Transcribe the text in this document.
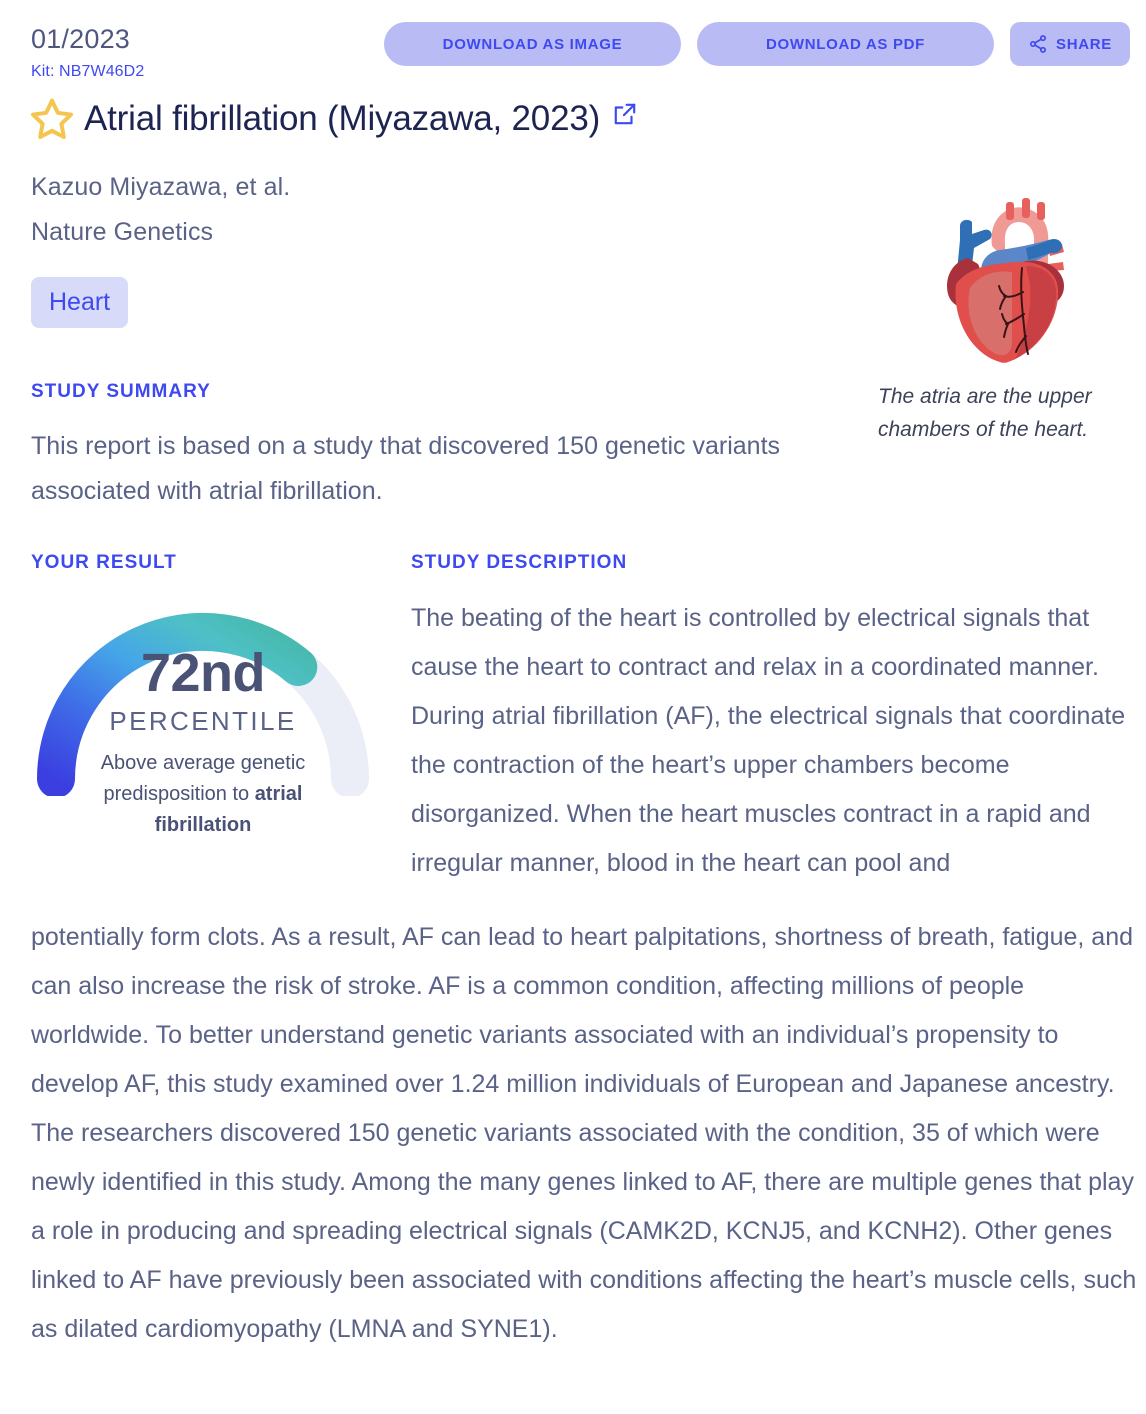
01/2023
Kit: NB7W46D2
DOWNLOAD AS IMAGE	DOWNLOAD AS PDF	SHARE
Atrial fibrillation (Miyazawa, 2023)
Kazuo Miyazawa, et al.
Nature Genetics
Heart
STUDY SUMMARY
This report is based on a study that discovered 150 genetic variants associated with atrial fibrillation.
The atria are the upper chambers of the heart.
YOUR RESULT
72nd
PERCENTILE
Above average genetic predisposition to atrial fibrillation
STUDY DESCRIPTION
The beating of the heart is controlled by electrical signals that cause the heart to contract and relax in a coordinated manner. During atrial fibrillation (AF), the electrical signals that coordinate the contraction of the heart’s upper chambers become disorganized. When the heart muscles contract in a rapid and irregular manner, blood in the heart can pool and
potentially form clots. As a result, AF can lead to heart palpitations, shortness of breath, fatigue, and can also increase the risk of stroke. AF is a common condition, affecting millions of people worldwide. To better understand genetic variants associated with an individual’s propensity to develop AF, this study examined over 1.24 million individuals of European and Japanese ancestry. The researchers discovered 150 genetic variants associated with the condition, 35 of which were newly identified in this study. Among the many genes linked to AF, there are multiple genes that play a role in producing and spreading electrical signals (CAMK2D, KCNJ5, and KCNH2). Other genes linked to AF have previously been associated with conditions affecting the heart’s muscle cells, such as dilated cardiomyopathy (LMNA and SYNE1).
